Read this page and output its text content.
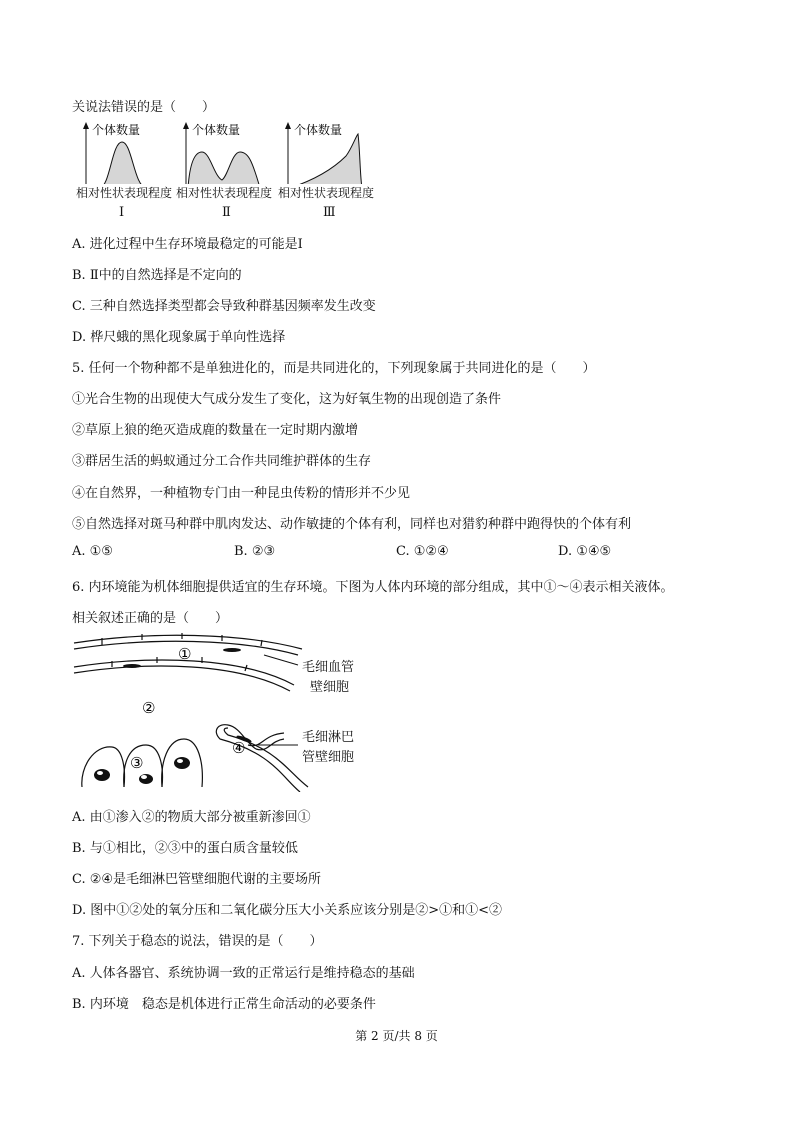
关说法错误的是（　　）
个体数量
相对性状表现程度
Ⅰ
个体数量
相对性状表现程度
Ⅱ
个体数量
相对性状表现程度
Ⅲ
A. 进化过程中生存环境最稳定的可能是Ⅰ
B. Ⅱ中的自然选择是不定向的
C. 三种自然选择类型都会导致种群基因频率发生改变
D. 桦尺蛾的黑化现象属于单向性选择
5. 任何一个物种都不是单独进化的，而是共同进化的，下列现象属于共同进化的是（　　）
①光合生物的出现使大气成分发生了变化，这为好氧生物的出现创造了条件
②草原上狼的绝灭造成鹿的数量在一定时期内激增
③群居生活的蚂蚁通过分工合作共同维护群体的生存
④在自然界，一种植物专门由一种昆虫传粉的情形并不少见
⑤自然选择对斑马种群中肌肉发达、动作敏捷的个体有利，同样也对猎豹种群中跑得快的个体有利
A. ①⑤	B. ②③	C. ①②④	D. ①④⑤
6. 内环境能为机体细胞提供适宜的生存环境。下图为人体内环境的部分组成，其中①～④表示相关液体。
相关叙述正确的是（　　）
①
②
③
④
毛细血管
壁细胞
毛细淋巴
管壁细胞
A. 由①渗入②的物质大部分被重新渗回①
B. 与①相比，②③中的蛋白质含量较低
C. ②④是毛细淋巴管壁细胞代谢的主要场所
D. 图中①②处的氧分压和二氧化碳分压大小关系应该分别是②>①和①<②
7. 下列关于稳态的说法，错误的是（　　）
A. 人体各器官、系统协调一致的正常运行是维持稳态的基础
B. 内环境　稳态是机体进行正常生命活动的必要条件
第 2 页/共 8 页
